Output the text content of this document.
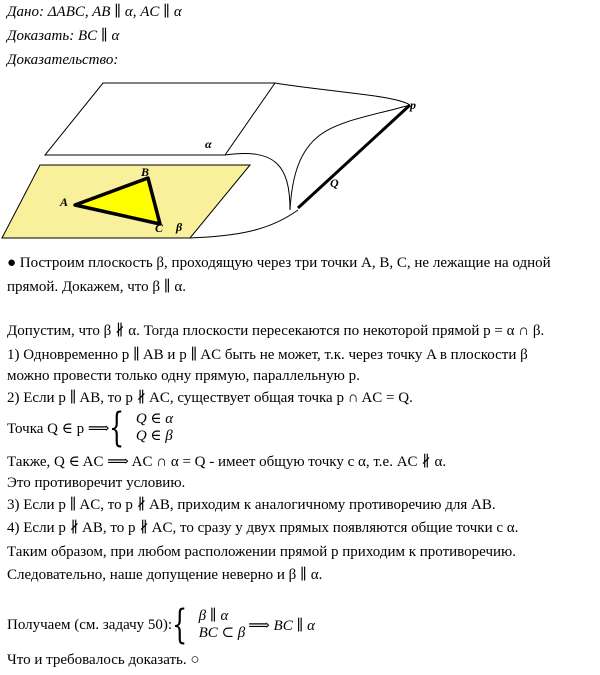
Дано: ΔABC, AB ∥ α, AC ∥ α
Доказать: BC ∥ α
Доказательство:
α
β
A
B
C
p
Q
● Построим плоскость β, проходящую через три точки A, B, C, не лежащие на одной
прямой. Докажем, что β ∥ α.
Допустим, что β ∦ α. Тогда плоскости пересекаются по некоторой прямой p = α ∩ β.
1) Одновременно p ∥ AB и p ∥ AC быть не может, т.к. через точку A в плоскости β
можно провести только одну прямую, параллельную p.
2) Если p ∥ AB, то p ∦ AC, существует общая точка p ∩ AC = Q.
Точка Q ∈ p ⟹ { Q ∈ α
Q ∈ β
Также, Q ∈ AC ⟹ AC ∩ α = Q - имеет общую точку с α, т.е. AC ∦ α.
Это противоречит условию.
3) Если p ∥ AC, то p ∦ AB, приходим к аналогичному противоречию для AB.
4) Если p ∦ AB, то p ∦ AC, то сразу у двух прямых появляются общие точки с α.
Таким образом, при любом расположении прямой p приходим к противоречию.
Следовательно, наше допущение неверно и β ∥ α.
Получаем (см. задачу 50): { β ∥ α
BC ⊂ β ⟹ BC ∥ α
Что и требовалось доказать. ○
